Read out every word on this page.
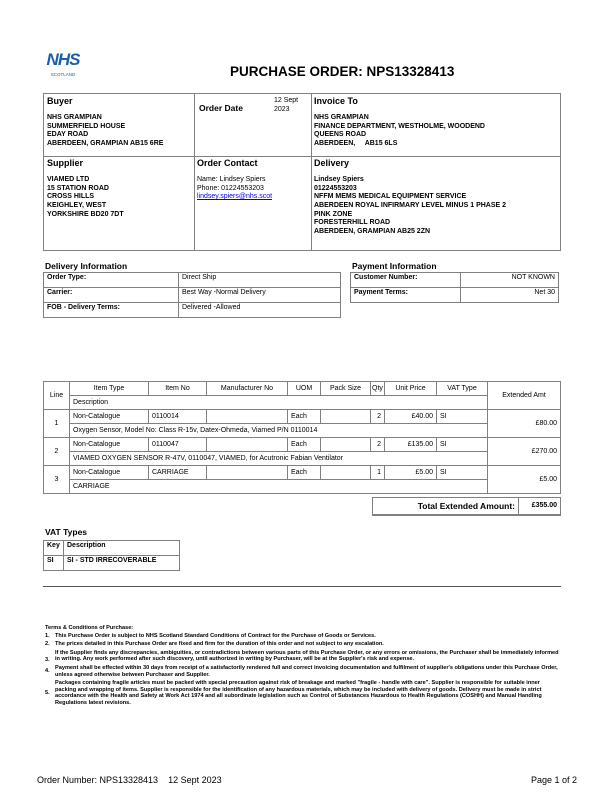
NHS
SCOTLAND	PURCHASE ORDER: NPS13328413
Buyer

NHS GRAMPIAN
SUMMERFIELD HOUSE
EDAY ROAD
ABERDEEN, GRAMPIAN AB15 6RE
Order Date
12 Sept 2023
Invoice To

NHS GRAMPIAN
FINANCE DEPARTMENT, WESTHOLME, WOODEND
QUEENS ROAD
ABERDEEN,     AB15 6LS
Supplier

VIAMED LTD
15 STATION ROAD
CROSS HILLS
KEIGHLEY, WEST
YORKSHIRE BD20 7DT
Order Contact

Name: Lindsey Spiers
Phone: 01224553203
lindsey.spiers@nhs.scot
Delivery

Lindsey Spiers
01224553203
NFFM MEMS MEDICAL EQUIPMENT SERVICE
ABERDEEN ROYAL INFIRMARY LEVEL MINUS 1 PHASE 2
PINK ZONE
FORESTERHILL ROAD
ABERDEEN, GRAMPIAN AB25 2ZN
Delivery Information
Order Type:	Direct Ship
Carrier:	Best Way -Normal Delivery
FOB - Delivery Terms:	Delivered -Allowed
Payment Information
Customer Number:	NOT KNOWN
Payment Terms:	Net 30
Line	Item Type	Item No	Manufacturer No	UOM	Pack Size	Qty	Unit Price	VAT Type	Extended Amt
	Description								
1	Non-Catalogue	0110014		Each		2	£40.00	SI	£80.00
	Oxygen Sensor, Model No: Class R-15v, Datex-Ohmeda, Viamed P/N 0110014								
2	Non-Catalogue	0110047		Each		2	£135.00	SI	£270.00
	VIAMED OXYGEN SENSOR R-47V, 0110047, VIAMED, for Acutronic Fabian Ventilator								
3	Non-Catalogue	CARRIAGE		Each		1	£5.00	SI	£5.00
	CARRIAGE								
Total Extended Amount:	£355.00
VAT Types
Key	Description
SI	SI - STD IRRECOVERABLE
Terms & Conditions of Purchase:
1. This Purchase Order is subject to NHS Scotland Standard Conditions of Contract for the Purchase of Goods or Services.
2. The prices detailed in this Purchase Order are fixed and firm for the duration of this order and not subject to any escalation.
3.
If the Supplier finds any discrepancies, ambiguities, or contradictions between various parts of this Purchase Order, or any errors or omissions, the Purchaser shall be immediately informed in writing. Any work performed after such discovery, until authorized in writing by Purchaser, will be at the Supplier's risk and expense.
4. Payment shall be effected within 30 days from receipt of a satisfactorily rendered full and correct invoicing documentation and fulfilment of supplier's obligations under this Purchase Order, unless agreed otherwise between Purchaser and Supplier.
5.
Packages containing fragile articles must be packed with special precaution against risk of breakage and marked "fragile - handle with care". Supplier is responsible for suitable inner packing and wrapping of items. Supplier is responsible for the identification of any hazardous materials, which may be included with delivery of goods. Delivery must be made in strict accordance with the Health and Safety at Work Act 1974 and all subordinate legislation such as Control of Substances Hazardous to Health Regulations (COSHH) and Manual Handling Regulations latest revisions.
Order Number: NPS13328413 12 Sept 2023	Page 1 of 2
